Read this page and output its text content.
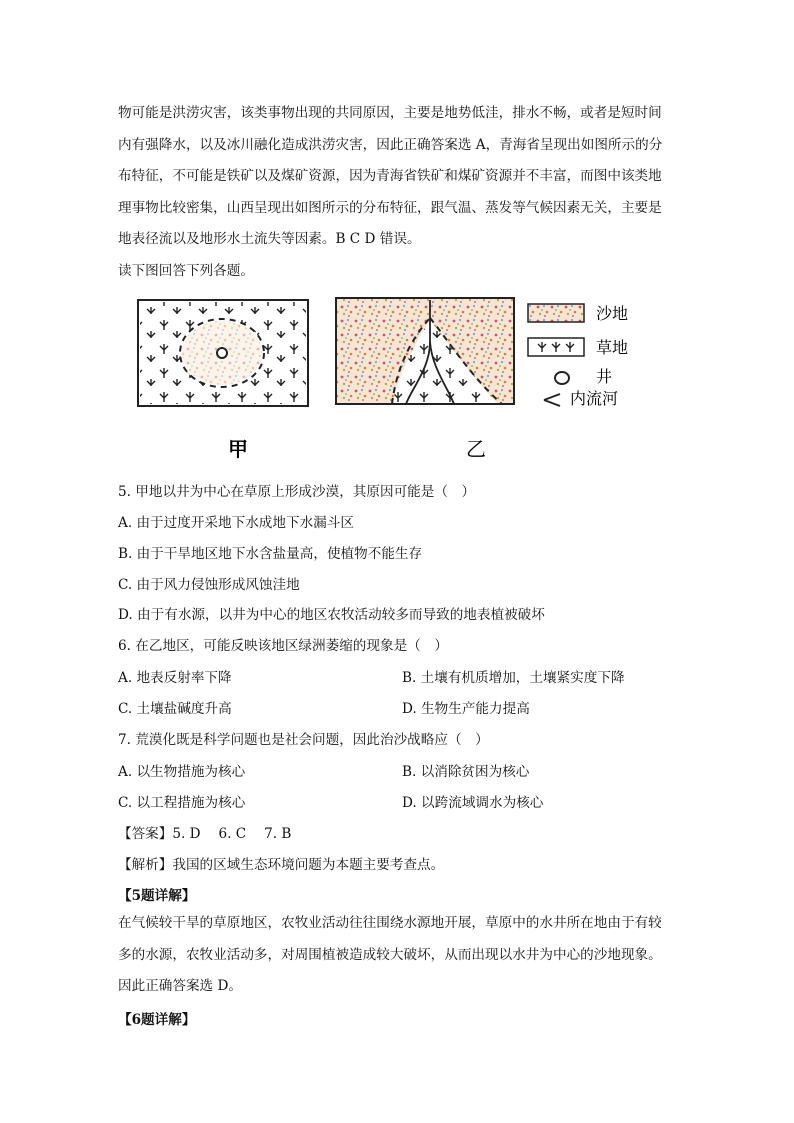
物可能是洪涝灾害，该类事物出现的共同原因，主要是地势低洼，排水不畅，或者是短时间
内有强降水，以及冰川融化造成洪涝灾害，因此正确答案选 A，青海省呈现出如图所示的分
布特征，不可能是铁矿以及煤矿资源，因为青海省铁矿和煤矿资源并不丰富，而图中该类地
理事物比较密集，山西呈现出如图所示的分布特征，跟气温、蒸发等气候因素无关，主要是
地表径流以及地形水土流失等因素。B C D 错误。
读下图回答下列各题。
沙地
草地
井
内流河
甲	乙
5. 甲地以井为中心在草原上形成沙漠，其原因可能是（　）
A. 由于过度开采地下水成地下水漏斗区
B. 由于干旱地区地下水含盐量高，使植物不能生存
C. 由于风力侵蚀形成风蚀洼地
D. 由于有水源，以井为中心的地区农牧活动较多而导致的地表植被破坏
6. 在乙地区，可能反映该地区绿洲萎缩的现象是（　）
A. 地表反射率下降	B. 土壤有机质增加，土壤紧实度下降
C. 土壤盐碱度升高	D. 生物生产能力提高
7. 荒漠化既是科学问题也是社会问题，因此治沙战略应（　）
A. 以生物措施为核心	B. 以消除贫困为核心
C. 以工程措施为核心	D. 以跨流域调水为核心
【答案】5. D　 6. C　 7. B
【解析】我国的区域生态环境问题为本题主要考查点。
【5题详解】
在气候较干旱的草原地区，农牧业活动往往围绕水源地开展，草原中的水井所在地由于有较
多的水源，农牧业活动多，对周围植被造成较大破坏，从而出现以水井为中心的沙地现象。
因此正确答案选 D。
【6题详解】
